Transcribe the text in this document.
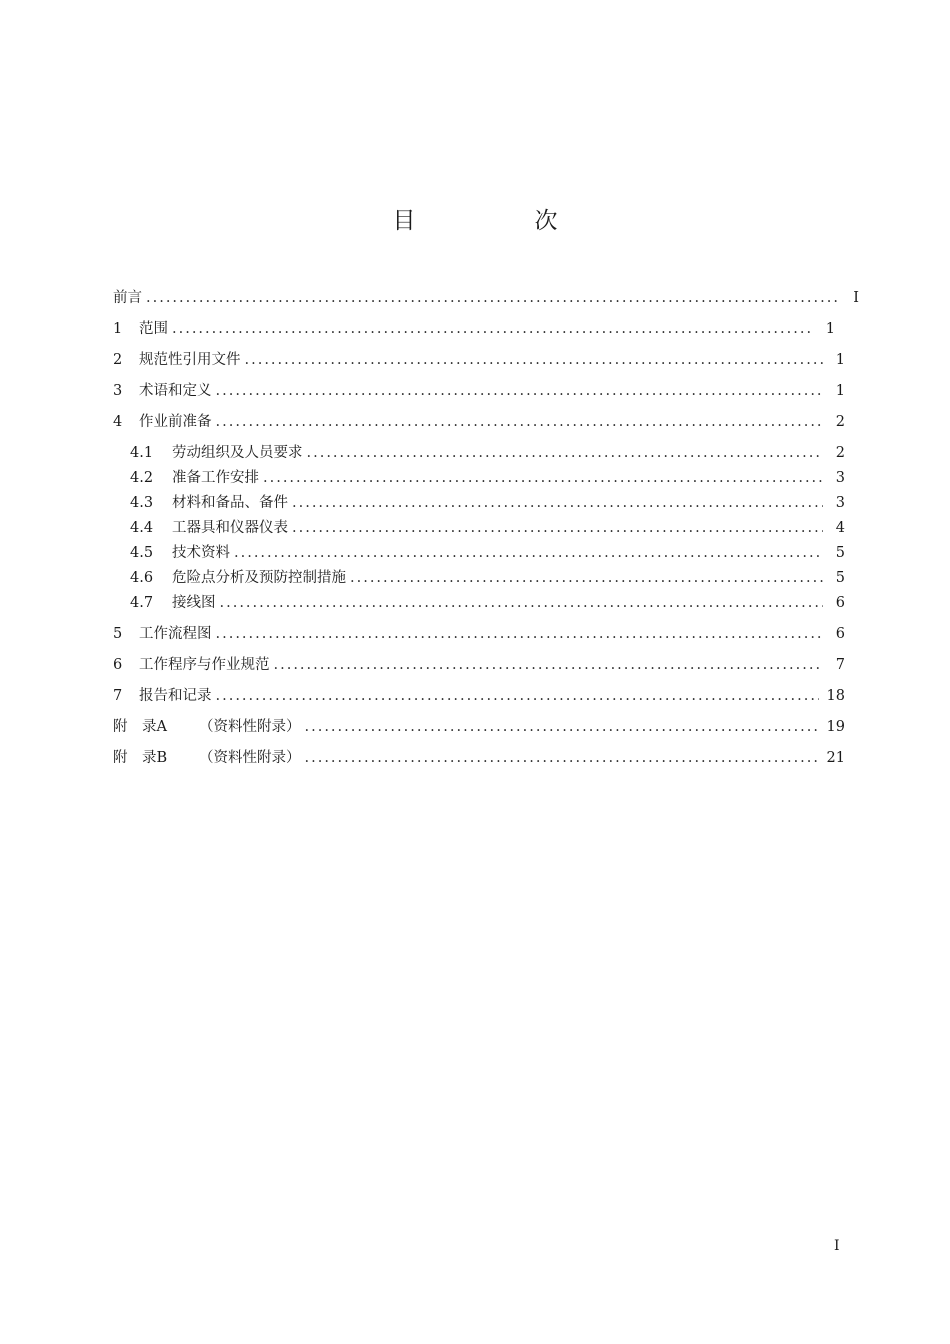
目　次
前言 .....	I
1 范围 .....	1
2 规范性引用文件 .....	1
3 术语和定义 .....	1
4 作业前准备 .....	2
4.1 劳动组织及人员要求 .....	2
4.2 准备工作安排 .....	3
4.3 材料和备品、备件 .....	3
4.4 工器具和仪器仪表 .....	4
4.5 技术资料 .....	5
4.6 危险点分析及预防控制措施 .....	5
4.7 接线图 .....	6
5 工作流程图 .....	6
6 工作程序与作业规范 .....	7
7 报告和记录 .....	18
附　录A （资料性附录） .....	19
附　录B （资料性附录） .....	21
I
